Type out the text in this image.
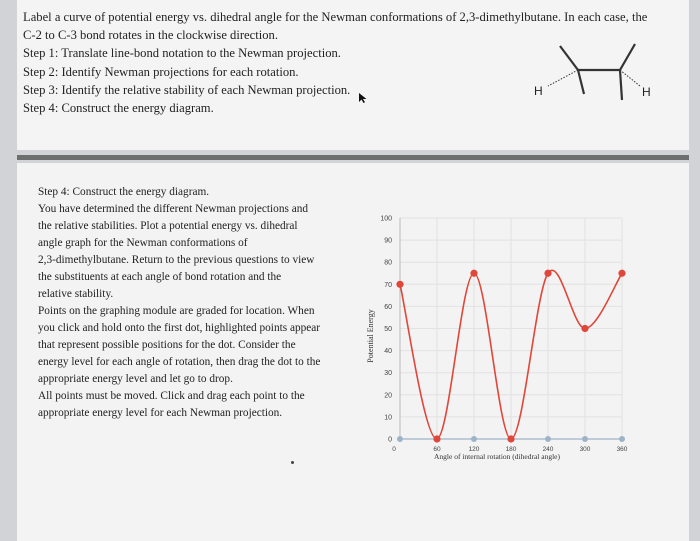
Label a curve of potential energy vs. dihedral angle for the Newman conformations of 2,3-dimethylbutane. In each case, the
C-2 to C-3 bond rotates in the clockwise direction.
Step 1: Translate line-bond notation to the Newman projection.
Step 2: Identify Newman projections for each rotation.
Step 3: Identify the relative stability of each Newman projection.
Step 4: Construct the energy diagram.
H	H
Step 4: Construct the energy diagram.
You have determined the different Newman projections and
the relative stabilities. Plot a potential energy vs. dihedral
angle graph for the Newman conformations of
2,3-dimethylbutane. Return to the previous questions to view
the substituents at each angle of bond rotation and the
relative stability.
Points on the graphing module are graded for location. When
you click and hold onto the first dot, highlighted points appear
that represent possible positions for the dot. Consider the
energy level for each angle of rotation, then drag the dot to the
appropriate energy level and let go to drop.
All points must be moved. Click and drag each point to the
appropriate energy level for each Newman projection.
0
10
20
30
40
50
60
70
80
90
100
0	60	120	180	240	300	360
Potential Energy
Angle of internal rotation (dihedral angle)
